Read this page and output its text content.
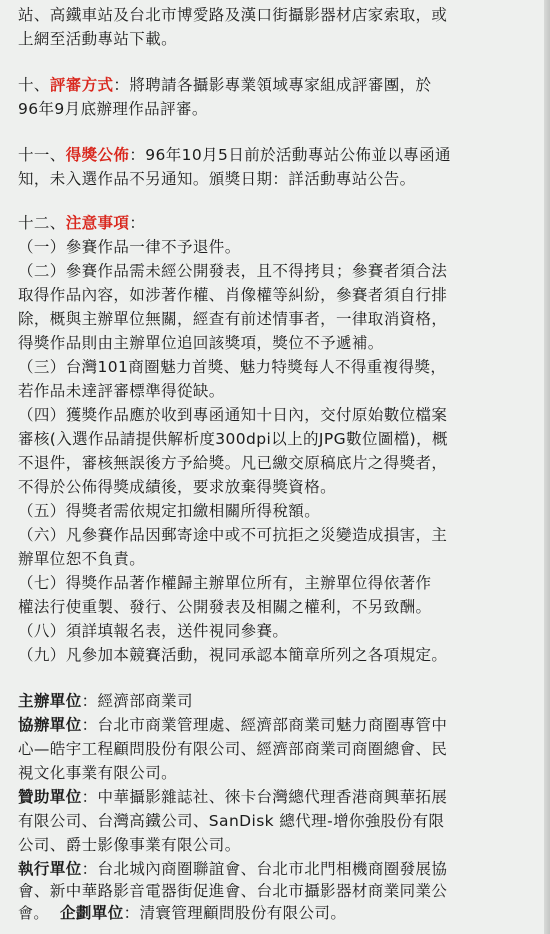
站、高鐵車站及台北市博愛路及漢口街攝影器材店家索取，或
上網至活動專站下載。
十、評審方式：將聘請各攝影專業領域專家組成評審團，於
96年9月底辦理作品評審。
十一、得獎公佈：96年10月5日前於活動專站公佈並以專函通
知，未入選作品不另通知。頒獎日期：詳活動專站公告。
十二、注意事項：
（一）參賽作品一律不予退件。
（二）參賽作品需未經公開發表，且不得拷貝；參賽者須合法
取得作品內容，如涉著作權、肖像權等糾紛，參賽者須自行排
除，概與主辦單位無關，經查有前述情事者，一律取消資格，
得獎作品則由主辦單位追回該獎項，獎位不予遞補。
（三）台灣101商圈魅力首獎、魅力特獎每人不得重複得獎，
若作品未達評審標準得從缺。
（四）獲獎作品應於收到專函通知十日內，交付原始數位檔案
審核(入選作品請提供解析度300dpi以上的JPG數位圖檔)，概
不退件，審核無誤後方予給獎。凡已繳交原稿底片之得獎者，
不得於公佈得獎成績後，要求放棄得獎資格。
（五）得獎者需依規定扣繳相關所得稅額。
（六）凡參賽作品因郵寄途中或不可抗拒之災變造成損害，主
辦單位恕不負責。
（七）得獎作品著作權歸主辦單位所有，主辦單位得依著作
權法行使重製、發行、公開發表及相關之權利，不另致酬。
（八）須詳填報名表，送件視同參賽。
（九）凡參加本競賽活動，視同承認本簡章所列之各項規定。
主辦單位：經濟部商業司
協辦單位：台北市商業管理處、經濟部商業司魅力商圈專管中
心—皓宇工程顧問股份有限公司、經濟部商業司商圈總會、民
視文化事業有限公司。
贊助單位：中華攝影雜誌社、徠卡台灣總代理香港商興華拓展
有限公司、台灣高鐵公司、SanDisk 總代理-增你強股份有限
公司、爵士影像事業有限公司。
執行單位：台北城內商圈聯誼會、台北市北門相機商圈發展協
會、新中華路影音電器街促進會、台北市攝影器材商業同業公
會。 企劃單位：清寰管理顧問股份有限公司。
